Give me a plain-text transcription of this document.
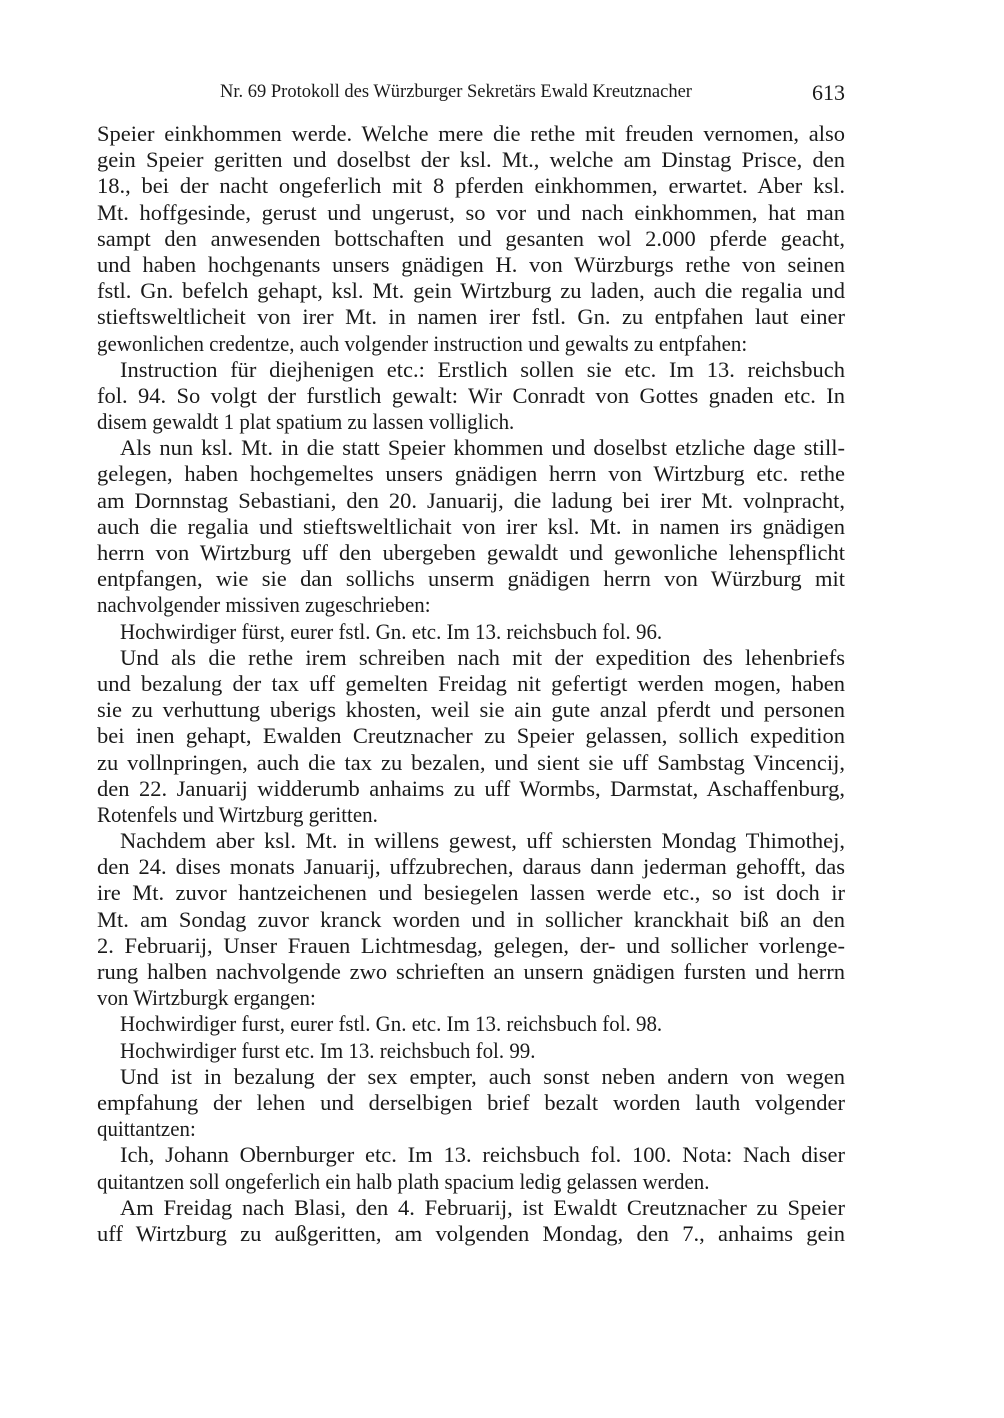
Nr. 69 Protokoll des Würzburger Sekretärs Ewald Kreutznacher	613
Speier einkhommen werde. Welche mere die rethe mit freuden vernomen, also
gein Speier geritten und doselbst der ksl. Mt., welche am Dinstag Prisce, den
18., bei der nacht ongeferlich mit 8 pferden einkhommen, erwartet. Aber ksl.
Mt. hoffgesinde, gerust und ungerust, so vor und nach einkhommen, hat man
sampt den anwesenden bottschaften und gesanten wol 2.000 pferde geacht,
und haben hochgenants unsers gnädigen H. von Würzburgs rethe von seinen
fstl. Gn. befelch gehapt, ksl. Mt. gein Wirtzburg zu laden, auch die regalia und
stieftsweltlicheit von irer Mt. in namen irer fstl. Gn. zu entpfahen laut einer
gewonlichen credentze, auch volgender instruction und gewalts zu entpfahen:
Instruction für diejhenigen etc.: Erstlich sollen sie etc. Im 13. reichsbuch
fol. 94. So volgt der furstlich gewalt: Wir Conradt von Gottes gnaden etc. In
disem gewaldt 1 plat spatium zu lassen volliglich.
Als nun ksl. Mt. in die statt Speier khommen und doselbst etzliche dage still-
gelegen, haben hochgemeltes unsers gnädigen herrn von Wirtzburg etc. rethe
am Dornnstag Sebastiani, den 20. Januarij, die ladung bei irer Mt. volnpracht,
auch die regalia und stieftsweltlichait von irer ksl. Mt. in namen irs gnädigen
herrn von Wirtzburg uff den ubergeben gewaldt und gewonliche lehenspflicht
entpfangen, wie sie dan sollichs unserm gnädigen herrn von Würzburg mit
nachvolgender missiven zugeschrieben:
Hochwirdiger fürst, eurer fstl. Gn. etc. Im 13. reichsbuch fol. 96.
Und als die rethe irem schreiben nach mit der expedition des lehenbriefs
und bezalung der tax uff gemelten Freidag nit gefertigt werden mogen, haben
sie zu verhuttung uberigs khosten, weil sie ain gute anzal pferdt und personen
bei inen gehapt, Ewalden Creutznacher zu Speier gelassen, sollich expedition
zu vollnpringen, auch die tax zu bezalen, und sient sie uff Sambstag Vincencij,
den 22. Januarij widderumb anhaims zu uff Wormbs, Darmstat, Aschaffenburg,
Rotenfels und Wirtzburg geritten.
Nachdem aber ksl. Mt. in willens gewest, uff schiersten Mondag Thimothej,
den 24. dises monats Januarij, uffzubrechen, daraus dann jederman gehofft, das
ire Mt. zuvor hantzeichenen und besiegelen lassen werde etc., so ist doch ir
Mt. am Sondag zuvor kranck worden und in sollicher kranckhait biß an den
2. Februarij, Unser Frauen Lichtmesdag, gelegen, der- und sollicher vorlenge-
rung halben nachvolgende zwo schrieften an unsern gnädigen fursten und herrn
von Wirtzburgk ergangen:
Hochwirdiger furst, eurer fstl. Gn. etc. Im 13. reichsbuch fol. 98.
Hochwirdiger furst etc. Im 13. reichsbuch fol. 99.
Und ist in bezalung der sex empter, auch sonst neben andern von wegen
empfahung der lehen und derselbigen brief bezalt worden lauth volgender
quittantzen:
Ich, Johann Obernburger etc. Im 13. reichsbuch fol. 100. Nota: Nach diser
quitantzen soll ongeferlich ein halb plath spacium ledig gelassen werden.
Am Freidag nach Blasi, den 4. Februarij, ist Ewaldt Creutznacher zu Speier
uff Wirtzburg zu außgeritten, am volgenden Mondag, den 7., anhaims gein
